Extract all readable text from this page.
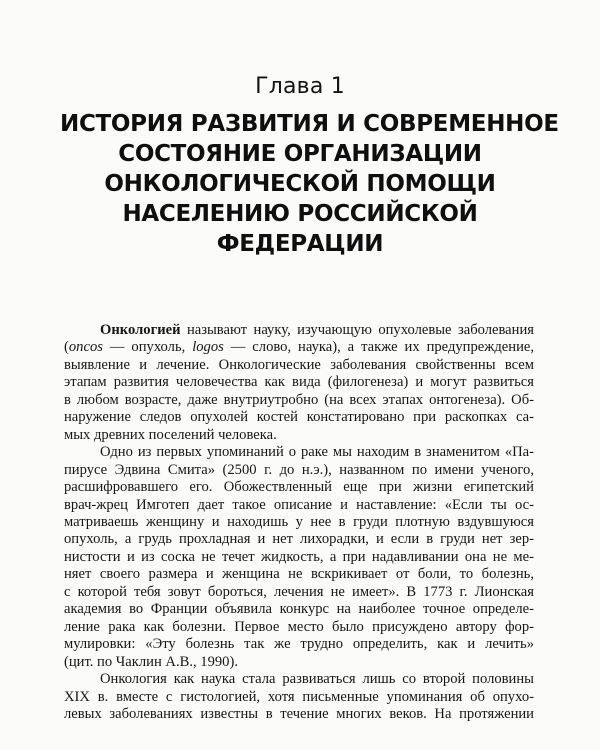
Глава 1
ИСТОРИЯ РАЗВИТИЯ И СОВРЕМЕННОЕ
СОСТОЯНИЕ ОРГАНИЗАЦИИ
ОНКОЛОГИЧЕСКОЙ ПОМОЩИ
НАСЕЛЕНИЮ РОССИЙСКОЙ
ФЕДЕРАЦИИ
Онкологией называют науку, изучающую опухолевые заболевания
(oncos — опухоль, logos — слово, наука), а также их предупреждение,
выявление и лечение. Онкологические заболевания свойственны всем
этапам развития человечества как вида (филогенеза) и могут развиться
в любом возрасте, даже внутриутробно (на всех этапах онтогенеза). Об-
наружение следов опухолей костей констатировано при раскопках са-
мых древних поселений человека.
Одно из первых упоминаний о раке мы находим в знаменитом «Па-
пирусе Эдвина Смита» (2500 г. до н.э.), названном по имени ученого,
расшифровавшего его. Обожествленный еще при жизни египетский
врач-жрец Имготеп дает такое описание и наставление: «Если ты ос-
матриваешь женщину и находишь у нее в груди плотную вздувшуюся
опухоль, а грудь прохладная и нет лихорадки, и если в груди нет зер-
нистости и из соска не течет жидкость, а при надавливании она не ме-
няет своего размера и женщина не вскрикивает от боли, то болезнь,
с которой тебя зовут бороться, лечения не имеет». В 1773 г. Лионская
академия во Франции объявила конкурс на наиболее точное определе-
ление рака как болезни. Первое место было присуждено автору фор-
мулировки: «Эту болезнь так же трудно определить, как и лечить»
(цит. по Чаклин А.В., 1990).
Онкология как наука стала развиваться лишь со второй половины
XIX в. вместе с гистологией, хотя письменные упоминания об опухо-
левых заболеваниях известны в течение многих веков. На протяжении
